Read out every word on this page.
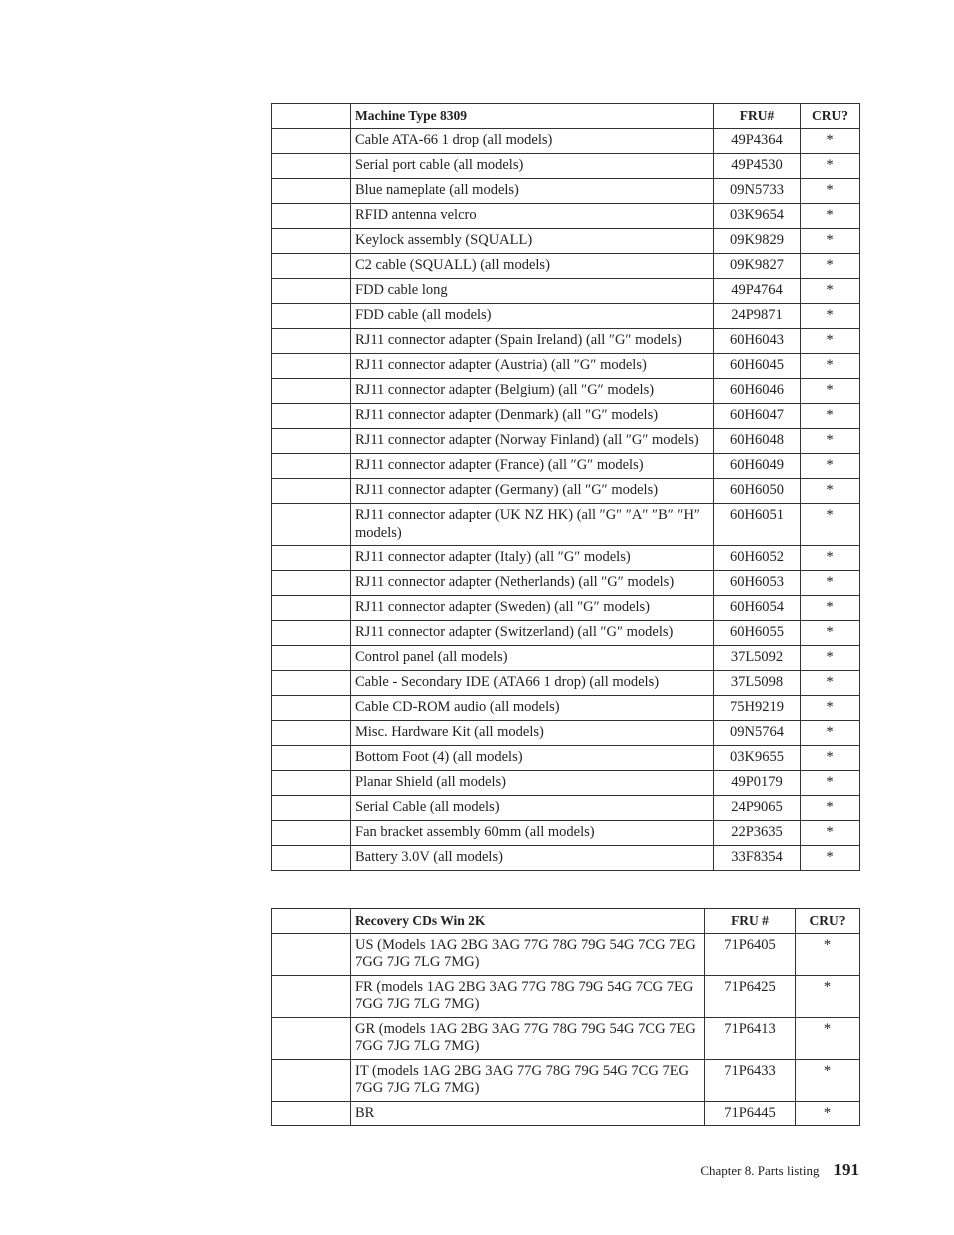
	Machine Type 8309	FRU#	CRU?
	Cable ATA-66 1 drop (all models)	49P4364	*
	Serial port cable (all models)	49P4530	*
	Blue nameplate (all models)	09N5733	*
	RFID antenna velcro	03K9654	*
	Keylock assembly (SQUALL)	09K9829	*
	C2 cable (SQUALL) (all models)	09K9827	*
	FDD cable long	49P4764	*
	FDD cable (all models)	24P9871	*
	RJ11 connector adapter (Spain Ireland) (all ″G″ models)	60H6043	*
	RJ11 connector adapter (Austria) (all ″G″ models)	60H6045	*
	RJ11 connector adapter (Belgium) (all ″G″ models)	60H6046	*
	RJ11 connector adapter (Denmark) (all ″G″ models)	60H6047	*
	RJ11 connector adapter (Norway Finland) (all ″G″ models)	60H6048	*
	RJ11 connector adapter (France) (all ″G″ models)	60H6049	*
	RJ11 connector adapter (Germany) (all ″G″ models)	60H6050	*
	RJ11 connector adapter (UK NZ HK) (all ″G″ ″A″ ″B″ ″H″ models)	60H6051	*
	RJ11 connector adapter (Italy) (all ″G″ models)	60H6052	*
	RJ11 connector adapter (Netherlands) (all ″G″ models)	60H6053	*
	RJ11 connector adapter (Sweden) (all ″G″ models)	60H6054	*
	RJ11 connector adapter (Switzerland) (all ″G″ models)	60H6055	*
	Control panel (all models)	37L5092	*
	Cable - Secondary IDE (ATA66 1 drop) (all models)	37L5098	*
	Cable CD-ROM audio (all models)	75H9219	*
	Misc. Hardware Kit (all models)	09N5764	*
	Bottom Foot (4) (all models)	03K9655	*
	Planar Shield (all models)	49P0179	*
	Serial Cable (all models)	24P9065	*
	Fan bracket assembly 60mm (all models)	22P3635	*
	Battery 3.0V (all models)	33F8354	*
	Recovery CDs Win 2K	FRU #	CRU?
	US (Models 1AG 2BG 3AG 77G 78G 79G 54G 7CG 7EG 7GG 7JG 7LG 7MG)	71P6405	*
	FR (models 1AG 2BG 3AG 77G 78G 79G 54G 7CG 7EG 7GG 7JG 7LG 7MG)	71P6425	*
	GR (models 1AG 2BG 3AG 77G 78G 79G 54G 7CG 7EG 7GG 7JG 7LG 7MG)	71P6413	*
	IT (models 1AG 2BG 3AG 77G 78G 79G 54G 7CG 7EG 7GG 7JG 7LG 7MG)	71P6433	*
	BR	71P6445	*
Chapter 8. Parts listing 191
